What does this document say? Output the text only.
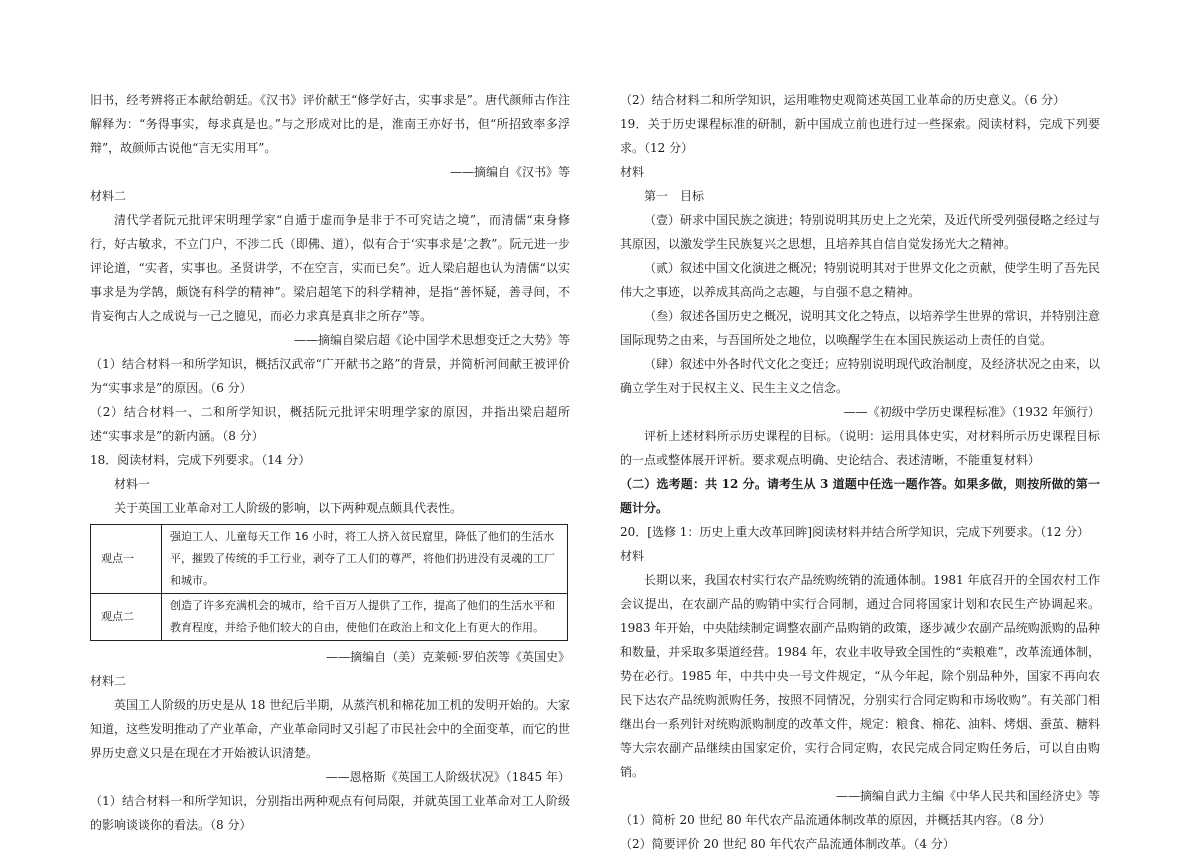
旧书，经考辨将正本献给朝廷。《汉书》评价献王“修学好古，实事求是”。唐代颜师古作注解释为：“务得事实，每求真是也。”与之形成对比的是，淮南王亦好书，但“所招致率多浮辩”，故颜师古说他“言无实用耳”。

——摘编自《汉书》等

材料二

清代学者阮元批评宋明理学家“自遁于虚而争是非于不可究诘之境”，而清儒“束身修行，好古敏求，不立门户，不涉二氏（即佛、道），似有合于‘实事求是’之教”。阮元进一步评论道，“实者，实事也。圣贤讲学，不在空言，实而已矣”。近人梁启超也认为清儒“以实事求是为学鹄，颇饶有科学的精神”。梁启超笔下的科学精神，是指“善怀疑，善寻间，不肯妄徇古人之成说与一己之臆见，而必力求真是真非之所存”等。

——摘编自梁启超《论中国学术思想变迁之大势》等

（1）结合材料一和所学知识，概括汉武帝“广开献书之路”的背景，并简析河间献王被评价为“实事求是”的原因。（6 分）

（2）结合材料一、二和所学知识，概括阮元批评宋明理学家的原因，并指出梁启超所述“实事求是”的新内涵。（8 分）

18．阅读材料，完成下列要求。（14 分）

材料一

关于英国工业革命对工人阶级的影响，以下两种观点颇具代表性。

观点一	强迫工人、儿童每天工作 16 小时，将工人挤入贫民窟里，降低了他们的生活水平，摧毁了传统的手工行业，剥夺了工人们的尊严，将他们扔进没有灵魂的工厂和城市。
观点二	创造了许多充满机会的城市，给千百万人提供了工作，提高了他们的生活水平和教育程度，并给予他们较大的自由，使他们在政治上和文化上有更大的作用。

——摘编自（美）克莱顿·罗伯茨等《英国史》

材料二

英国工人阶级的历史是从 18 世纪后半期，从蒸汽机和棉花加工机的发明开始的。大家知道，这些发明推动了产业革命，产业革命同时又引起了市民社会中的全面变革，而它的世界历史意义只是在现在才开始被认识清楚。

——恩格斯《英国工人阶级状况》（1845 年）

（1）结合材料一和所学知识，分别指出两种观点有何局限，并就英国工业革命对工人阶级的影响谈谈你的看法。（8 分）

（2）结合材料二和所学知识，运用唯物史观简述英国工业革命的历史意义。（6 分）

19．关于历史课程标准的研制，新中国成立前也进行过一些探索。阅读材料，完成下列要求。（12 分）

材料

第一　目标

（壹）研求中国民族之演进；特别说明其历史上之光荣，及近代所受列强侵略之经过与其原因，以激发学生民族复兴之思想，且培养其自信自觉发扬光大之精神。

（贰）叙述中国文化演进之概况；特别说明其对于世界文化之贡献，使学生明了吾先民伟大之事迹，以养成其高尚之志趣，与自强不息之精神。

（叁）叙述各国历史之概况，说明其文化之特点，以培养学生世界的常识，并特别注意国际现势之由来，与吾国所处之地位，以唤醒学生在本国民族运动上责任的自觉。

（肆）叙述中外各时代文化之变迁；应特别说明现代政治制度，及经济状况之由来，以确立学生对于民权主义、民生主义之信念。

——《初级中学历史课程标准》（1932 年颁行）

评析上述材料所示历史课程的目标。（说明：运用具体史实，对材料所示历史课程目标的一点或整体展开评析。要求观点明确、史论结合、表述清晰，不能重复材料）

（二）选考题：共 12 分。请考生从 3 道题中任选一题作答。如果多做，则按所做的第一题计分。

20．[选修 1：历史上重大改革回眸]阅读材料并结合所学知识，完成下列要求。（12 分）

材料

长期以来，我国农村实行农产品统购统销的流通体制。1981 年底召开的全国农村工作会议提出，在农副产品的购销中实行合同制，通过合同将国家计划和农民生产协调起来。1983 年开始，中央陆续制定调整农副产品购销的政策，逐步减少农副产品统购派购的品种和数量，并采取多渠道经营。1984 年，农业丰收导致全国性的“卖粮难”，改革流通体制，势在必行。1985 年，中共中央一号文件规定，“从今年起，除个别品种外，国家不再向农民下达农产品统购派购任务，按照不同情况，分别实行合同定购和市场收购”。有关部门相继出台一系列针对统购派购制度的改革文件，规定：粮食、棉花、油料、烤烟、蚕茧、糖料等大宗农副产品继续由国家定价，实行合同定购，农民完成合同定购任务后，可以自由购销。

——摘编自武力主编《中华人民共和国经济史》等

（1）简析 20 世纪 80 年代农产品流通体制改革的原因，并概括其内容。（8 分）

（2）简要评价 20 世纪 80 年代农产品流通体制改革。（4 分）
